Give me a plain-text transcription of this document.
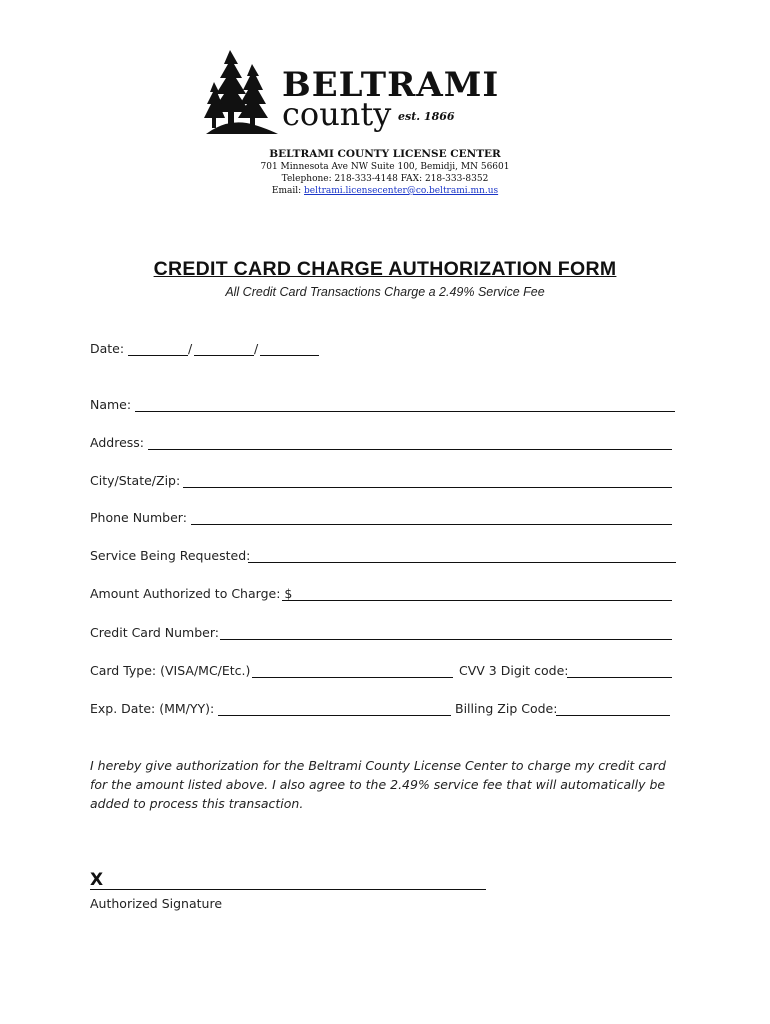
BELTRAMI
county est. 1866
BELTRAMI COUNTY LICENSE CENTER
701 Minnesota Ave NW Suite 100, Bemidji, MN 56601
Telephone: 218-333-4148 FAX: 218-333-8352
Email: beltrami.licensecenter@co.beltrami.mn.us
CREDIT CARD CHARGE AUTHORIZATION FORM
All Credit Card Transactions Charge a 2.49% Service Fee
Date:	/	/
Name:
Address:
City/State/Zip:
Phone Number:
Service Being Requested:
Amount Authorized to Charge: $
Credit Card Number:
Card Type: (VISA/MC/Etc.)	CVV 3 Digit code:
Exp. Date: (MM/YY):	Billing Zip Code:
I hereby give authorization for the Beltrami County License Center to charge my credit card for the amount listed above. I also agree to the 2.49% service fee that will automatically be added to process this transaction.
X
Authorized Signature
